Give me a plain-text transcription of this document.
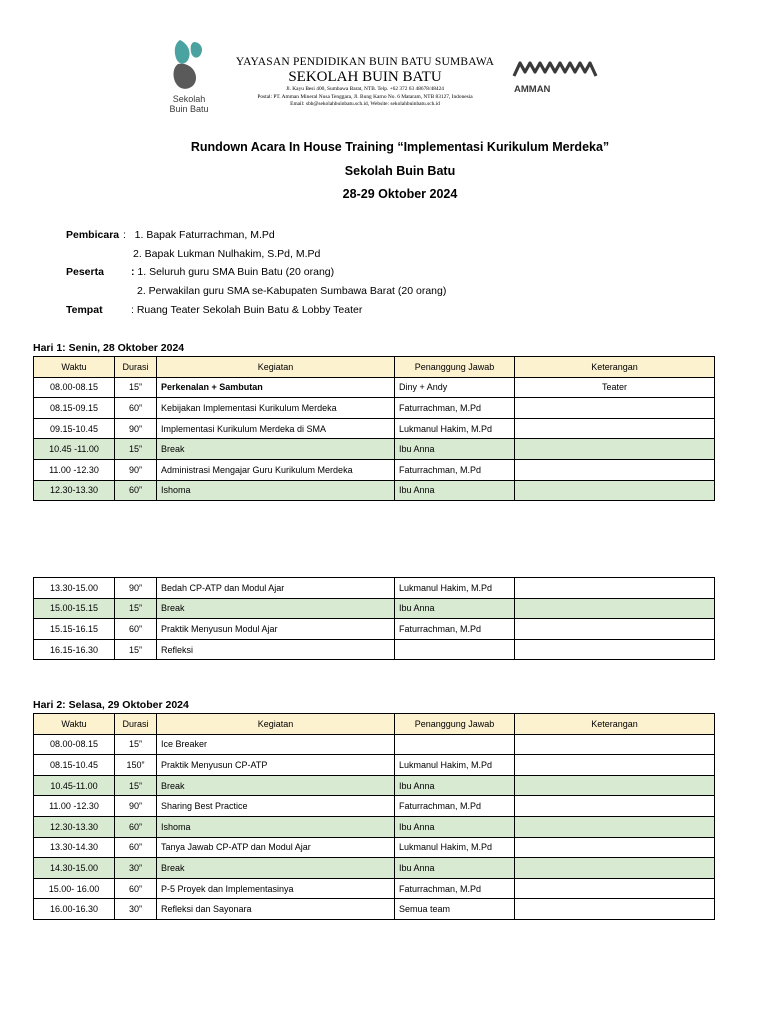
Sekolah
Buin Batu
YAYASAN PENDIDIKAN BUIN BATU SUMBAWA
SEKOLAH BUIN BATU
Jl. Kayu Besi 400, Sumbawa Barat, NTB. Telp. +62 372 63 48678/48424
Postal: PT. Amman Mineral Nusa Tenggara, Jl. Bung Karno No. 6 Mataram, NTB 83127, Indonesia
Email: sbb@sekolahbuinbatu.sch.id, Website: sekolahbuinbatu.sch.id
AMMAN
Rundown Acara In House Training “Implementasi Kurikulum Merdeka”
Sekolah Buin Batu
28-29 Oktober 2024
Pembicara :   1. Bapak Faturrachman, M.Pd
2. Bapak Lukman Nulhakim, S.Pd, M.Pd
Peserta	: 1. Seluruh guru SMA Buin Batu (20 orang)
2. Perwakilan guru SMA se-Kabupaten Sumbawa Barat (20 orang)
Tempat	: Ruang Teater Sekolah Buin Batu & Lobby Teater
Hari 1: Senin, 28 Oktober 2024
Waktu	Durasi	Kegiatan	Penanggung Jawab	Keterangan
08.00-08.15	15”	Perkenalan + Sambutan	Diny + Andy	Teater
08.15-09.15	60”	Kebijakan Implementasi Kurikulum Merdeka	Faturrachman, M.Pd	
09.15-10.45	90”	Implementasi Kurikulum Merdeka di SMA	Lukmanul Hakim, M.Pd	
10.45 -11.00	15”	Break	Ibu Anna	
11.00 -12.30	90”	Administrasi Mengajar Guru Kurikulum Merdeka	Faturrachman, M.Pd	
12.30-13.30	60”	Ishoma	Ibu Anna	
13.30-15.00	90”	Bedah CP-ATP dan Modul Ajar	Lukmanul Hakim, M.Pd	
15.00-15.15	15”	Break	Ibu Anna	
15.15-16.15	60”	Praktik Menyusun Modul Ajar	Faturrachman, M.Pd	
16.15-16.30	15”	Refleksi		
Hari 2: Selasa, 29 Oktober 2024
Waktu	Durasi	Kegiatan	Penanggung Jawab	Keterangan
08.00-08.15	15”	Ice Breaker		
08.15-10.45	150”	Praktik Menyusun CP-ATP	Lukmanul Hakim, M.Pd	
10.45-11.00	15”	Break	Ibu Anna	
11.00 -12.30	90”	Sharing Best Practice	Faturrachman, M.Pd	
12.30-13.30	60”	Ishoma	Ibu Anna	
13.30-14.30	60”	Tanya Jawab CP-ATP dan Modul Ajar	Lukmanul Hakim, M.Pd	
14.30-15.00	30”	Break	Ibu Anna	
15.00- 16.00	60”	P-5 Proyek dan Implementasinya	Faturrachman, M.Pd	
16.00-16.30	30”	Refleksi dan Sayonara	Semua team	
